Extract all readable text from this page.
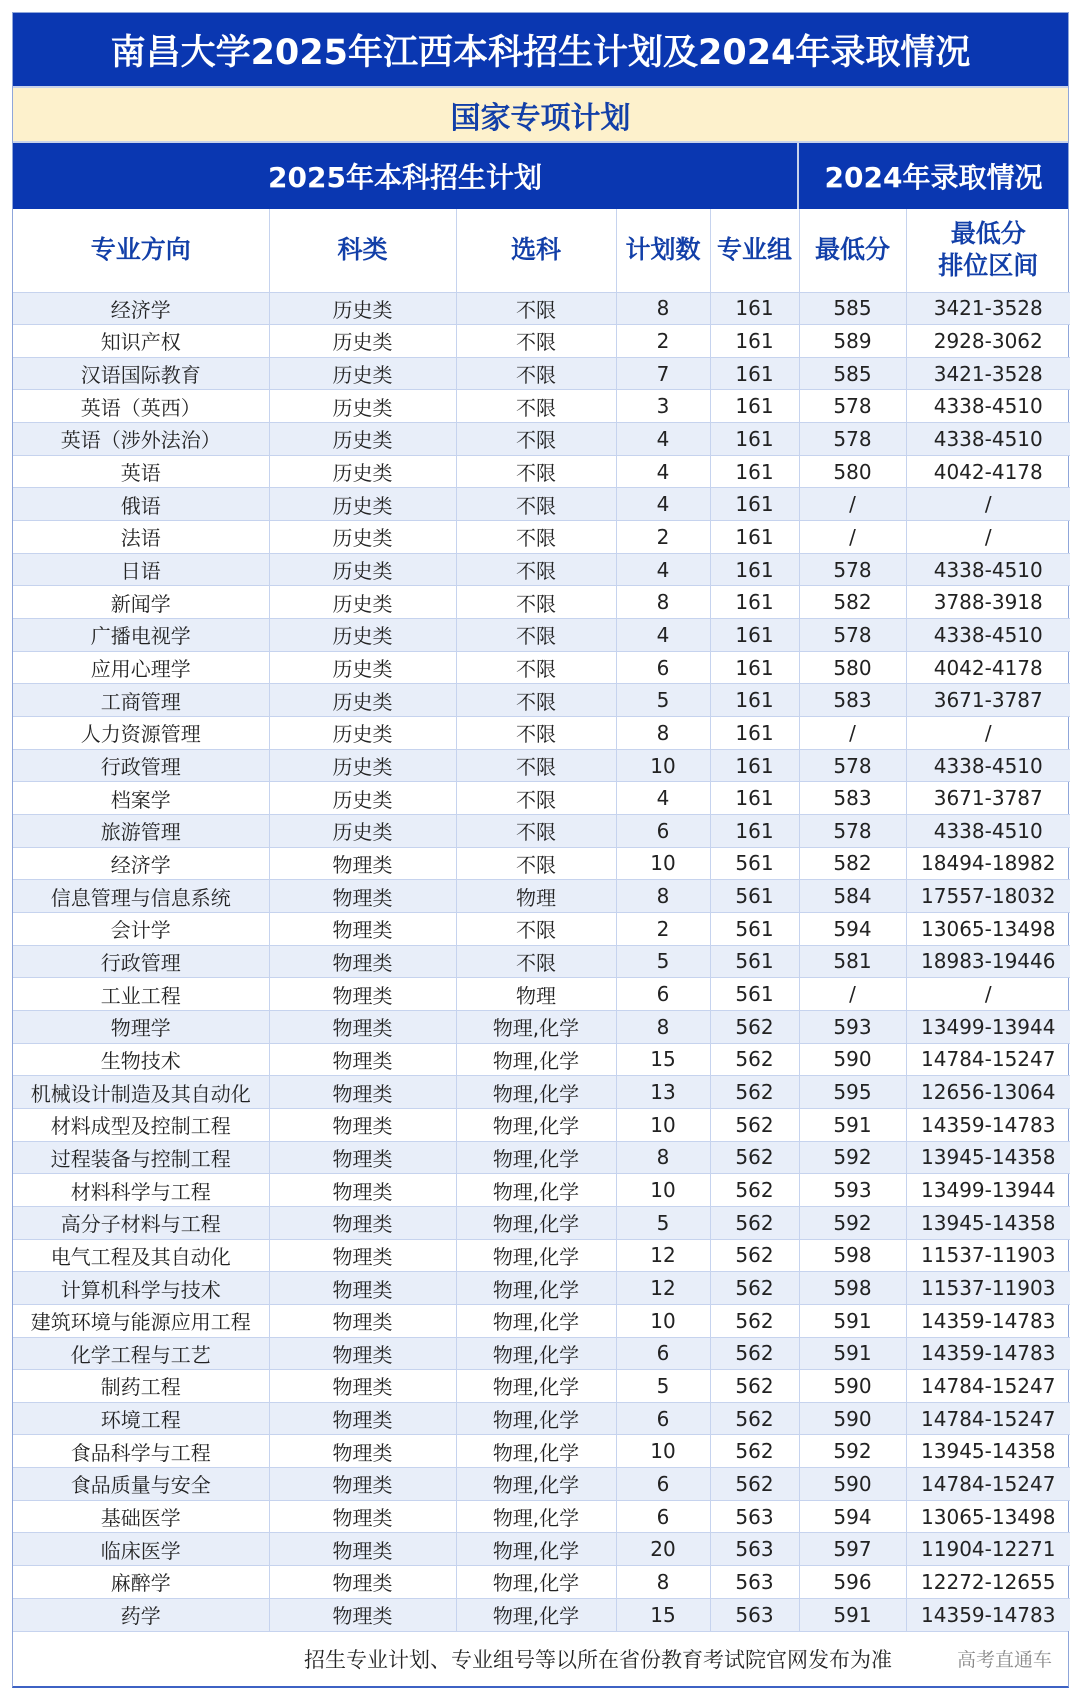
南昌大学2025年江西本科招生计划及2024年录取情况
国家专项计划
2025年本科招生计划	2024年录取情况
专业方向	科类	选科	计划数	专业组	最低分	最低分
排位区间
经济学	历史类	不限	8	161	585	3421-3528
知识产权	历史类	不限	2	161	589	2928-3062
汉语国际教育	历史类	不限	7	161	585	3421-3528
英语（英西）	历史类	不限	3	161	578	4338-4510
英语（涉外法治）	历史类	不限	4	161	578	4338-4510
英语	历史类	不限	4	161	580	4042-4178
俄语	历史类	不限	4	161	/	/
法语	历史类	不限	2	161	/	/
日语	历史类	不限	4	161	578	4338-4510
新闻学	历史类	不限	8	161	582	3788-3918
广播电视学	历史类	不限	4	161	578	4338-4510
应用心理学	历史类	不限	6	161	580	4042-4178
工商管理	历史类	不限	5	161	583	3671-3787
人力资源管理	历史类	不限	8	161	/	/
行政管理	历史类	不限	10	161	578	4338-4510
档案学	历史类	不限	4	161	583	3671-3787
旅游管理	历史类	不限	6	161	578	4338-4510
经济学	物理类	不限	10	561	582	18494-18982
信息管理与信息系统	物理类	物理	8	561	584	17557-18032
会计学	物理类	不限	2	561	594	13065-13498
行政管理	物理类	不限	5	561	581	18983-19446
工业工程	物理类	物理	6	561	/	/
物理学	物理类	物理,化学	8	562	593	13499-13944
生物技术	物理类	物理,化学	15	562	590	14784-15247
机械设计制造及其自动化	物理类	物理,化学	13	562	595	12656-13064
材料成型及控制工程	物理类	物理,化学	10	562	591	14359-14783
过程装备与控制工程	物理类	物理,化学	8	562	592	13945-14358
材料科学与工程	物理类	物理,化学	10	562	593	13499-13944
高分子材料与工程	物理类	物理,化学	5	562	592	13945-14358
电气工程及其自动化	物理类	物理,化学	12	562	598	11537-11903
计算机科学与技术	物理类	物理,化学	12	562	598	11537-11903
建筑环境与能源应用工程	物理类	物理,化学	10	562	591	14359-14783
化学工程与工艺	物理类	物理,化学	6	562	591	14359-14783
制药工程	物理类	物理,化学	5	562	590	14784-15247
环境工程	物理类	物理,化学	6	562	590	14784-15247
食品科学与工程	物理类	物理,化学	10	562	592	13945-14358
食品质量与安全	物理类	物理,化学	6	562	590	14784-15247
基础医学	物理类	物理,化学	6	563	594	13065-13498
临床医学	物理类	物理,化学	20	563	597	11904-12271
麻醉学	物理类	物理,化学	8	563	596	12272-12655
药学	物理类	物理,化学	15	563	591	14359-14783
招生专业计划、专业组号等以所在省份教育考试院官网发布为准	高考直通车
